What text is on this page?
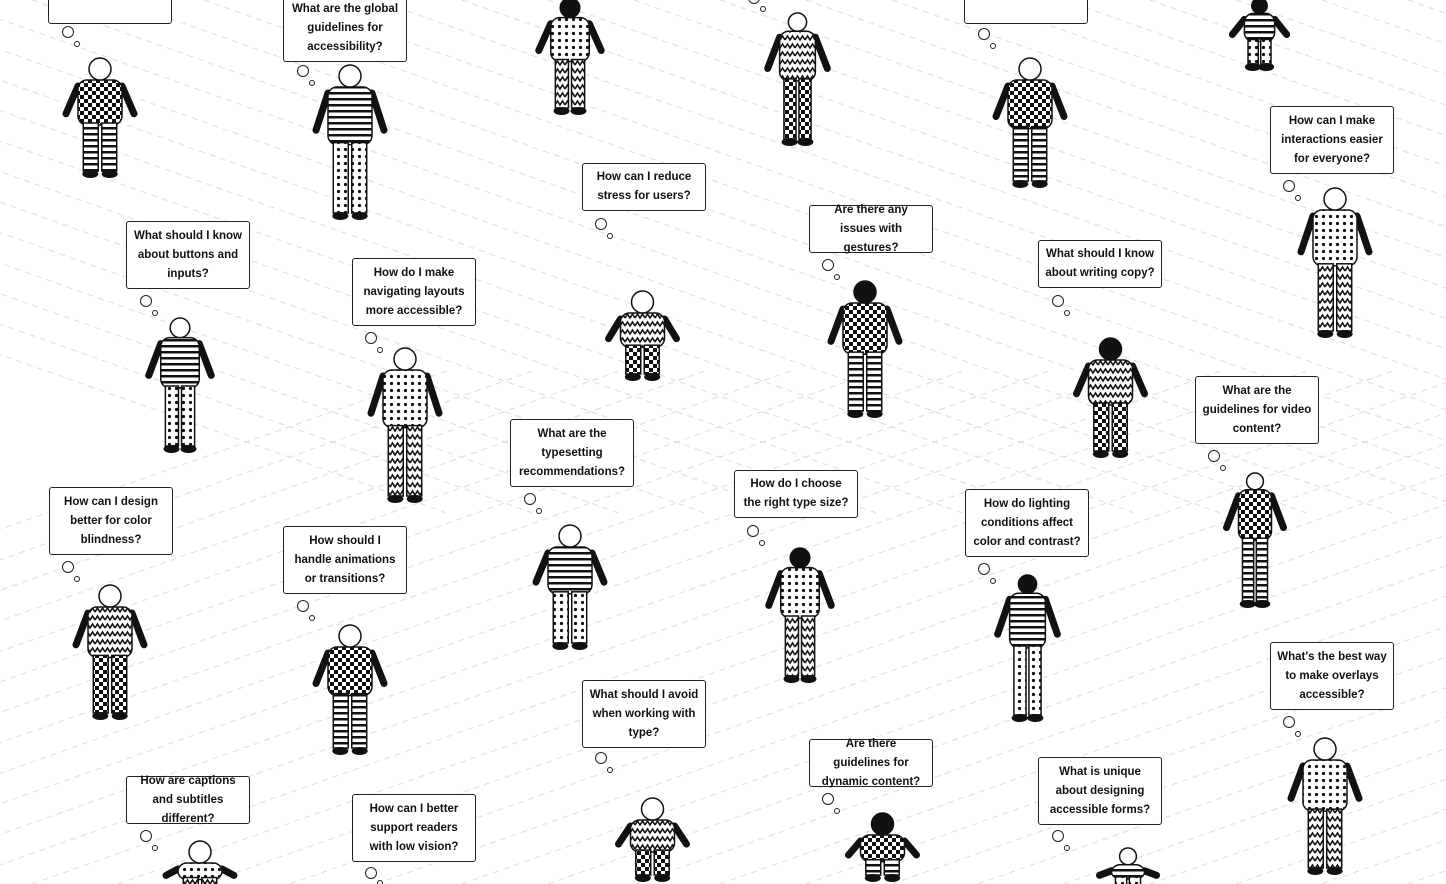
What are the global guidelines for accessibility?
How can I make interactions easier for everyone?
How can I reduce stress for users?
Are there any issues with gestures?
What should I know about buttons and inputs?
What should I know about writing copy?
How do I make navigating layouts more accessible?
What are the guidelines for video content?
What are the typesetting recommendations?
How do I choose the right type size?
How can I design better for color blindness?
How do lighting conditions affect color and contrast?
How should I handle animations or transitions?
What's the best way to make overlays accessible?
What should I avoid when working with type?
Are there guidelines for dynamic content?
What is unique about designing accessible forms?
How are captions and subtitles different?
How can I better support readers with low vision?
